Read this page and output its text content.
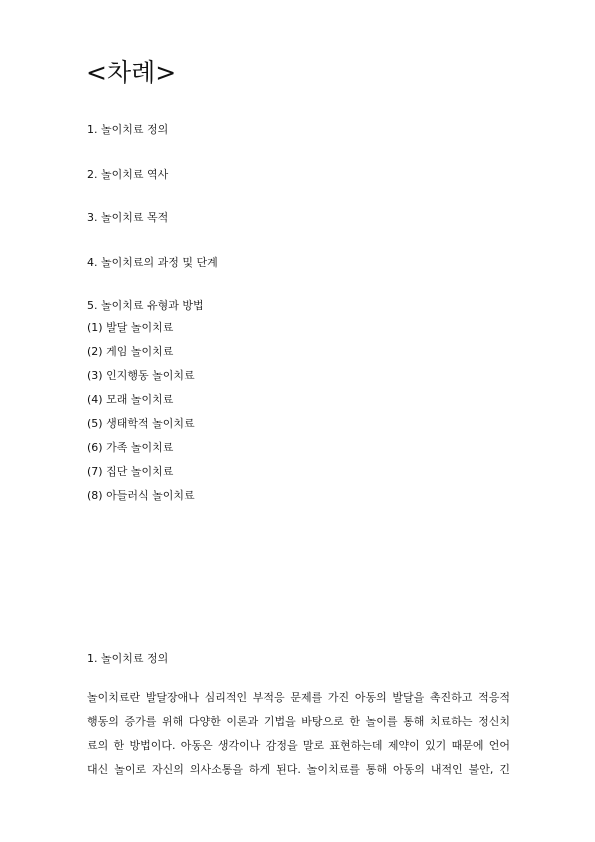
<차례>
1. 놀이치료 정의
2. 놀이치료 역사
3. 놀이치료 목적
4. 놀이치료의 과정 및 단계
5. 놀이치료 유형과 방법
(1) 발달 놀이치료
(2) 게임 놀이치료
(3) 인지행동 놀이치료
(4) 모래 놀이치료
(5) 생태학적 놀이치료
(6) 가족 놀이치료
(7) 집단 놀이치료
(8) 아들러식 놀이치료
1. 놀이치료 정의

놀이치료란 발달장애나 심리적인 부적응 문제를 가진 아동의 발달을 촉진하고 적응적
행동의 증가를 위해 다양한 이론과 기법을 바탕으로 한 놀이를 통해 치료하는 정신치
료의 한 방법이다. 아동은 생각이나 감정을 말로 표현하는데 제약이 있기 때문에 언어
대신 놀이로 자신의 의사소통을 하게 된다. 놀이치료를 통해 아동의 내적인 불안, 긴
